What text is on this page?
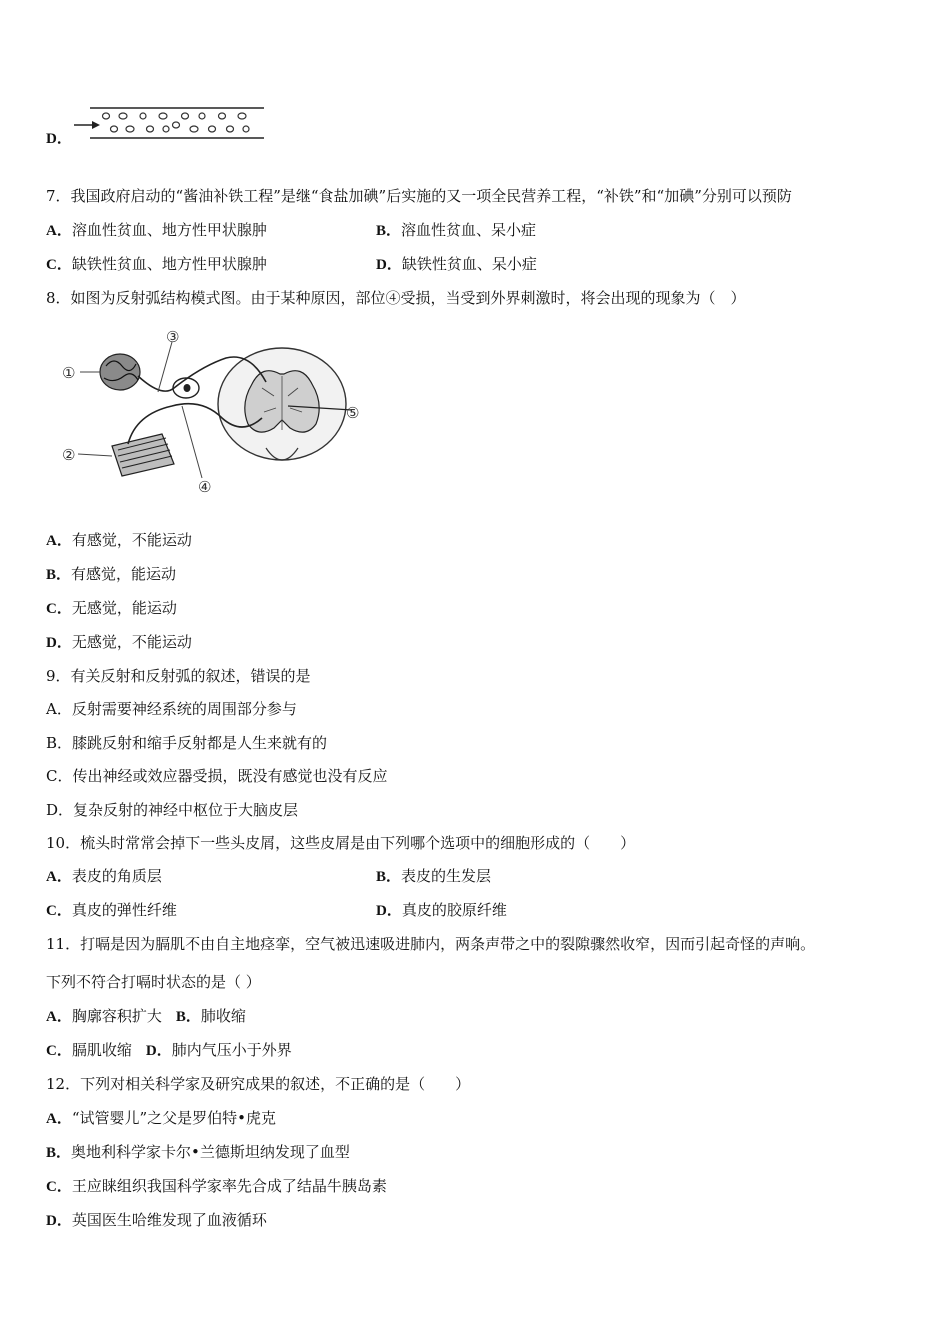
D．
7．我国政府启动的“酱油补铁工程”是继“食盐加碘”后实施的又一项全民营养工程，“补铁”和“加碘”分别可以预防
A．溶血性贫血、地方性甲状腺肿	B．溶血性贫血、呆小症
C．缺铁性贫血、地方性甲状腺肿	D．缺铁性贫血、呆小症
8．如图为反射弧结构模式图。由于某种原因，部位④受损，当受到外界刺激时，将会出现的现象为（　）
①
②
③
④
⑤
A．有感觉，不能运动
B．有感觉，能运动
C．无感觉，能运动
D．无感觉，不能运动
9．有关反射和反射弧的叙述，错误的是
A．反射需要神经系统的周围部分参与
B．膝跳反射和缩手反射都是人生来就有的
C．传出神经或效应器受损，既没有感觉也没有反应
D．复杂反射的神经中枢位于大脑皮层
10．梳头时常常会掉下一些头皮屑，这些皮屑是由下列哪个选项中的细胞形成的（　　）
A．表皮的角质层	B．表皮的生发层
C．真皮的弹性纤维	D．真皮的胶原纤维
11．打嗝是因为膈肌不由自主地痉挛，空气被迅速吸进肺内，两条声带之中的裂隙骤然收窄，因而引起奇怪的声响。
下列不符合打嗝时状态的是（ ）
A．胸廓容积扩大 B．肺收缩
C．膈肌收缩 D．肺内气压小于外界
12．下列对相关科学家及研究成果的叙述，不正确的是（　　）
A．“试管婴儿”之父是罗伯特•虎克
B．奥地利科学家卡尔•兰德斯坦纳发现了血型
C．王应睐组织我国科学家率先合成了结晶牛胰岛素
D．英国医生哈维发现了血液循环
